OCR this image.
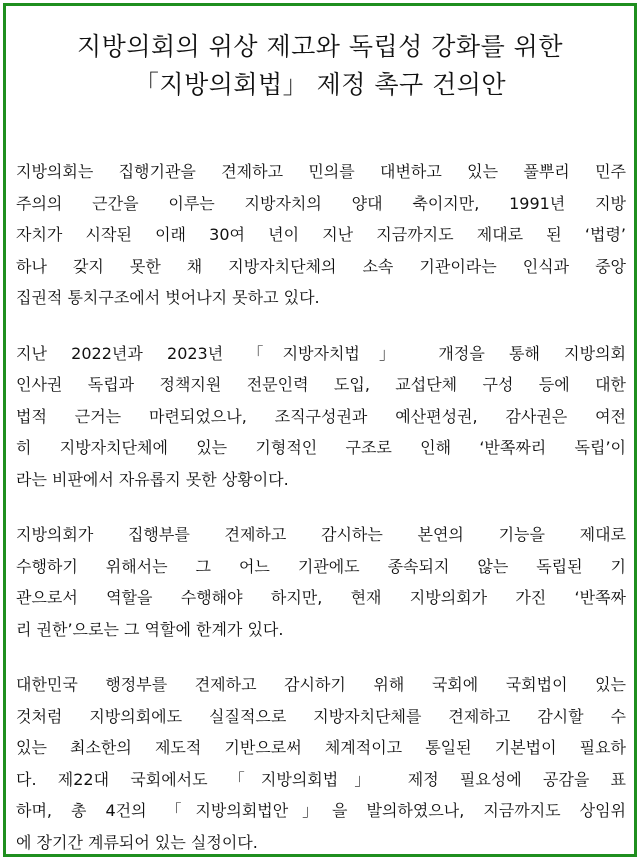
지방의회의 위상 제고와 독립성 강화를 위한
「지방의회법」 제정 촉구 건의안
지방의회는 집행기관을 견제하고 민의를 대변하고 있는 풀뿌리 민주
주의의 근간을 이루는 지방자치의 양대 축이지만, 1991년 지방
자치가 시작된 이래 30여 년이 지난 지금까지도 제대로 된 ‘법령’
하나 갖지 못한 채 지방자치단체의 소속 기관이라는 인식과 중앙
집권적 통치구조에서 벗어나지 못하고 있다.
지난 2022년과 2023년 「지방자치법」 개정을 통해 지방의회
인사권 독립과 정책지원 전문인력 도입, 교섭단체 구성 등에 대한
법적 근거는 마련되었으나, 조직구성권과 예산편성권, 감사권은 여전
히 지방자치단체에 있는 기형적인 구조로 인해 ‘반쪽짜리 독립’이
라는 비판에서 자유롭지 못한 상황이다.
지방의회가 집행부를 견제하고 감시하는 본연의 기능을 제대로
수행하기 위해서는 그 어느 기관에도 종속되지 않는 독립된 기
관으로서 역할을 수행해야 하지만, 현재 지방의회가 가진 ‘반쪽짜
리 권한’으로는 그 역할에 한계가 있다.
대한민국 행정부를 견제하고 감시하기 위해 국회에 국회법이 있는
것처럼 지방의회에도 실질적으로 지방자치단체를 견제하고 감시할 수
있는 최소한의 제도적 기반으로써 체계적이고 통일된 기본법이 필요하
다. 제22대 국회에서도 「지방의회법」 제정 필요성에 공감을 표
하며, 총 4건의 「지방의회법안」을 발의하였으나, 지금까지도 상임위
에 장기간 계류되어 있는 실정이다.
